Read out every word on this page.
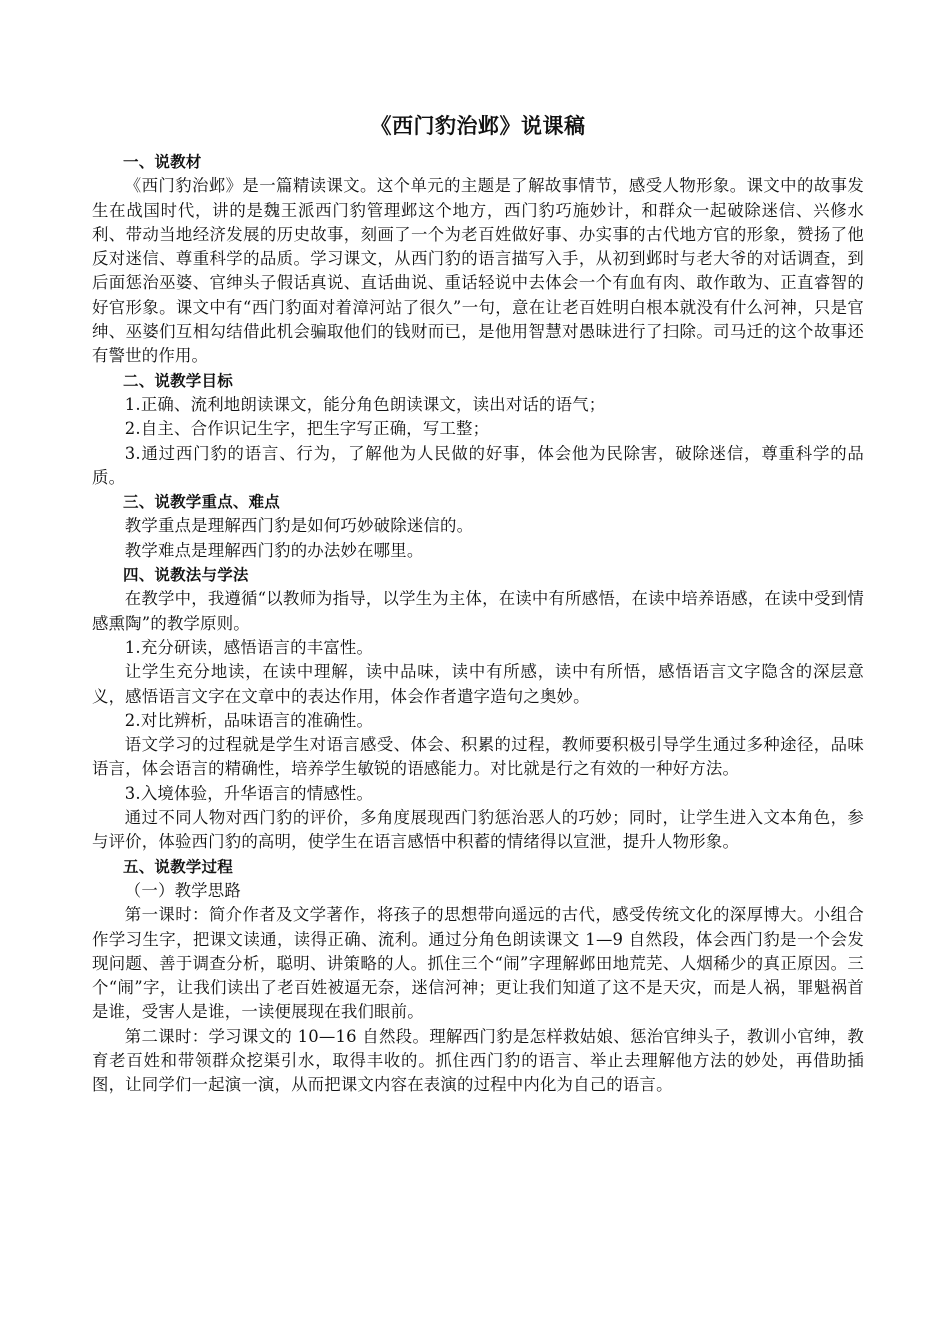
《西门豹治邺》说课稿

一、说教材

《西门豹治邺》是一篇精读课文。这个单元的主题是了解故事情节，感受人物形象。课文中的故事发生在战国时代，讲的是魏王派西门豹管理邺这个地方，西门豹巧施妙计，和群众一起破除迷信、兴修水利、带动当地经济发展的历史故事，刻画了一个为老百姓做好事、办实事的古代地方官的形象，赞扬了他反对迷信、尊重科学的品质。学习课文，从西门豹的语言描写入手，从初到邺时与老大爷的对话调查，到后面惩治巫婆、官绅头子假话真说、直话曲说、重话轻说中去体会一个有血有肉、敢作敢为、正直睿智的好官形象。课文中有“西门豹面对着漳河站了很久”一句，意在让老百姓明白根本就没有什么河神，只是官绅、巫婆们互相勾结借此机会骗取他们的钱财而已，是他用智慧对愚昧进行了扫除。司马迁的这个故事还有警世的作用。

二、说教学目标

1.正确、流利地朗读课文，能分角色朗读课文，读出对话的语气；

2.自主、合作识记生字，把生字写正确，写工整；

3.通过西门豹的语言、行为，了解他为人民做的好事，体会他为民除害，破除迷信，尊重科学的品质。

三、说教学重点、难点

教学重点是理解西门豹是如何巧妙破除迷信的。

教学难点是理解西门豹的办法妙在哪里。

四、说教法与学法

在教学中，我遵循“以教师为指导，以学生为主体，在读中有所感悟，在读中培养语感，在读中受到情感熏陶”的教学原则。

1.充分研读，感悟语言的丰富性。

让学生充分地读，在读中理解，读中品味，读中有所感，读中有所悟，感悟语言文字隐含的深层意义，感悟语言文字在文章中的表达作用，体会作者遣字造句之奥妙。

2.对比辨析，品味语言的准确性。

语文学习的过程就是学生对语言感受、体会、积累的过程，教师要积极引导学生通过多种途径，品味语言，体会语言的精确性，培养学生敏锐的语感能力。对比就是行之有效的一种好方法。

3.入境体验，升华语言的情感性。

通过不同人物对西门豹的评价，多角度展现西门豹惩治恶人的巧妙；同时，让学生进入文本角色，参与评价，体验西门豹的高明，使学生在语言感悟中积蓄的情绪得以宣泄，提升人物形象。

五、说教学过程

（一）教学思路

第一课时：简介作者及文学著作，将孩子的思想带向遥远的古代，感受传统文化的深厚博大。小组合作学习生字，把课文读通，读得正确、流利。通过分角色朗读课文 1—9 自然段，体会西门豹是一个会发现问题、善于调查分析，聪明、讲策略的人。抓住三个“闹”字理解邺田地荒芜、人烟稀少的真正原因。三个“闹”字，让我们读出了老百姓被逼无奈，迷信河神；更让我们知道了这不是天灾，而是人祸，罪魁祸首是谁，受害人是谁，一读便展现在我们眼前。

第二课时：学习课文的 10—16 自然段。理解西门豹是怎样救姑娘、惩治官绅头子，教训小官绅，教育老百姓和带领群众挖渠引水，取得丰收的。抓住西门豹的语言、举止去理解他方法的妙处，再借助插图，让同学们一起演一演，从而把课文内容在表演的过程中内化为自己的语言。
